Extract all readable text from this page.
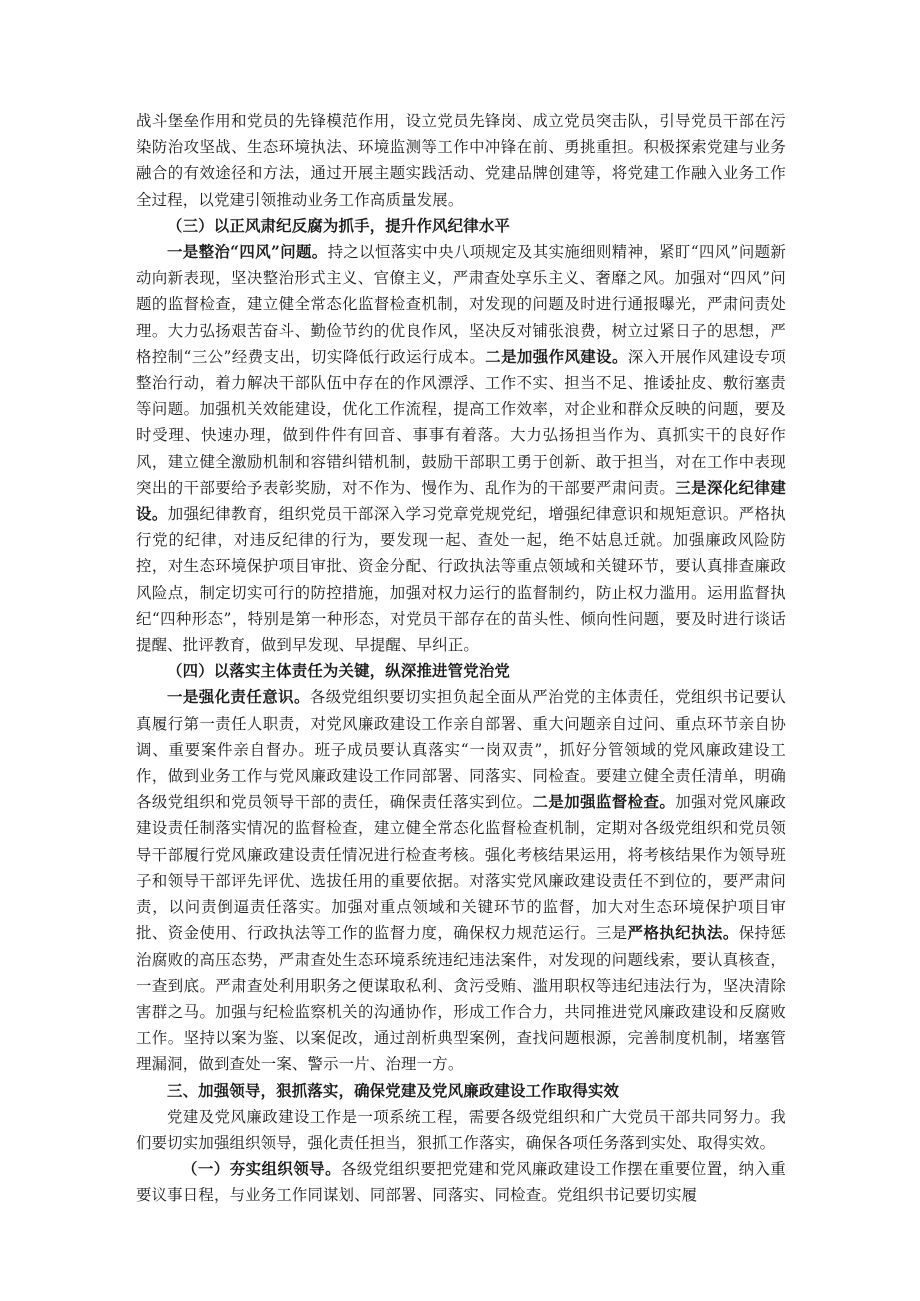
战斗堡垒作用和党员的先锋模范作用，设立党员先锋岗、成立党员突击队，引导党员干部在污染防治攻坚战、生态环境执法、环境监测等工作中冲锋在前、勇挑重担。积极探索党建与业务融合的有效途径和方法，通过开展主题实践活动、党建品牌创建等，将党建工作融入业务工作全过程，以党建引领推动业务工作高质量发展。

（三）以正风肃纪反腐为抓手，提升作风纪律水平

一是整治“四风”问题。持之以恒落实中央八项规定及其实施细则精神，紧盯“四风”问题新动向新表现，坚决整治形式主义、官僚主义，严肃查处享乐主义、奢靡之风。加强对“四风”问题的监督检查，建立健全常态化监督检查机制，对发现的问题及时进行通报曝光，严肃问责处理。大力弘扬艰苦奋斗、勤俭节约的优良作风，坚决反对铺张浪费，树立过紧日子的思想，严格控制“三公”经费支出，切实降低行政运行成本。二是加强作风建设。深入开展作风建设专项整治行动，着力解决干部队伍中存在的作风漂浮、工作不实、担当不足、推诿扯皮、敷衍塞责等问题。加强机关效能建设，优化工作流程，提高工作效率，对企业和群众反映的问题，要及时受理、快速办理，做到件件有回音、事事有着落。大力弘扬担当作为、真抓实干的良好作风，建立健全激励机制和容错纠错机制，鼓励干部职工勇于创新、敢于担当，对在工作中表现突出的干部要给予表彰奖励，对不作为、慢作为、乱作为的干部要严肃问责。三是深化纪律建设。加强纪律教育，组织党员干部深入学习党章党规党纪，增强纪律意识和规矩意识。严格执行党的纪律，对违反纪律的行为，要发现一起、查处一起，绝不姑息迁就。加强廉政风险防控，对生态环境保护项目审批、资金分配、行政执法等重点领域和关键环节，要认真排查廉政风险点，制定切实可行的防控措施，加强对权力运行的监督制约，防止权力滥用。运用监督执纪“四种形态”，特别是第一种形态，对党员干部存在的苗头性、倾向性问题，要及时进行谈话提醒、批评教育，做到早发现、早提醒、早纠正。

（四）以落实主体责任为关键，纵深推进管党治党

一是强化责任意识。各级党组织要切实担负起全面从严治党的主体责任，党组织书记要认真履行第一责任人职责，对党风廉政建设工作亲自部署、重大问题亲自过问、重点环节亲自协调、重要案件亲自督办。班子成员要认真落实“一岗双责”，抓好分管领域的党风廉政建设工作，做到业务工作与党风廉政建设工作同部署、同落实、同检查。要建立健全责任清单，明确各级党组织和党员领导干部的责任，确保责任落实到位。二是加强监督检查。加强对党风廉政建设责任制落实情况的监督检查，建立健全常态化监督检查机制，定期对各级党组织和党员领导干部履行党风廉政建设责任情况进行检查考核。强化考核结果运用，将考核结果作为领导班子和领导干部评先评优、选拔任用的重要依据。对落实党风廉政建设责任不到位的，要严肃问责，以问责倒逼责任落实。加强对重点领域和关键环节的监督，加大对生态环境保护项目审批、资金使用、行政执法等工作的监督力度，确保权力规范运行。三是严格执纪执法。保持惩治腐败的高压态势，严肃查处生态环境系统违纪违法案件，对发现的问题线索，要认真核查，一查到底。严肃查处利用职务之便谋取私利、贪污受贿、滥用职权等违纪违法行为，坚决清除害群之马。加强与纪检监察机关的沟通协作，形成工作合力，共同推进党风廉政建设和反腐败工作。坚持以案为鉴、以案促改，通过剖析典型案例，查找问题根源，完善制度机制，堵塞管理漏洞，做到查处一案、警示一片、治理一方。

三、加强领导，狠抓落实，确保党建及党风廉政建设工作取得实效

党建及党风廉政建设工作是一项系统工程，需要各级党组织和广大党员干部共同努力。我们要切实加强组织领导，强化责任担当，狠抓工作落实，确保各项任务落到实处、取得实效。

（一）夯实组织领导。各级党组织要把党建和党风廉政建设工作摆在重要位置，纳入重要议事日程，与业务工作同谋划、同部署、同落实、同检查。党组织书记要切实履
